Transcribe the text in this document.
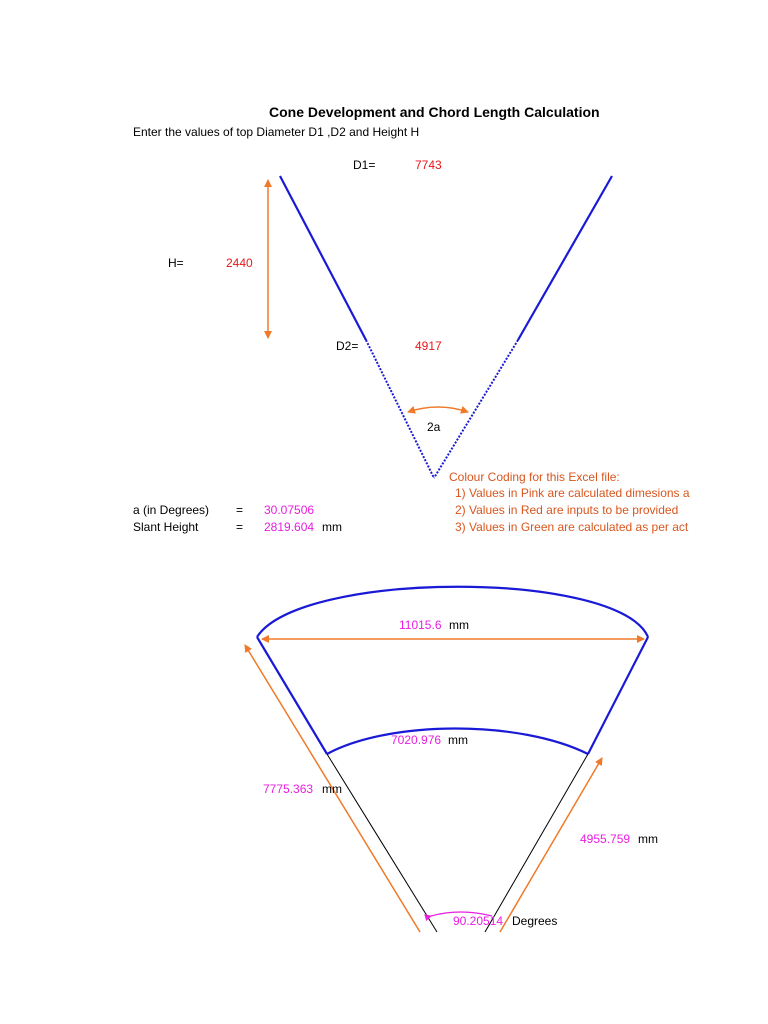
Cone Development and Chord Length Calculation
Enter the values of top Diameter D1 ,D2 and Height H
D1=	7743
H=	2440
D2=	4917
2a
a (in Degrees) = 30.07506
Slant Height	= 2819.604 mm
Colour Coding for this Excel file:
1) Values in Pink are calculated dimesions a
2) Values in Red are inputs to be provided
3) Values in Green are calculated as per act
11015.6 mm
7020.976 mm
7775.363 mm
4955.759 mm
90.20514 Degrees
